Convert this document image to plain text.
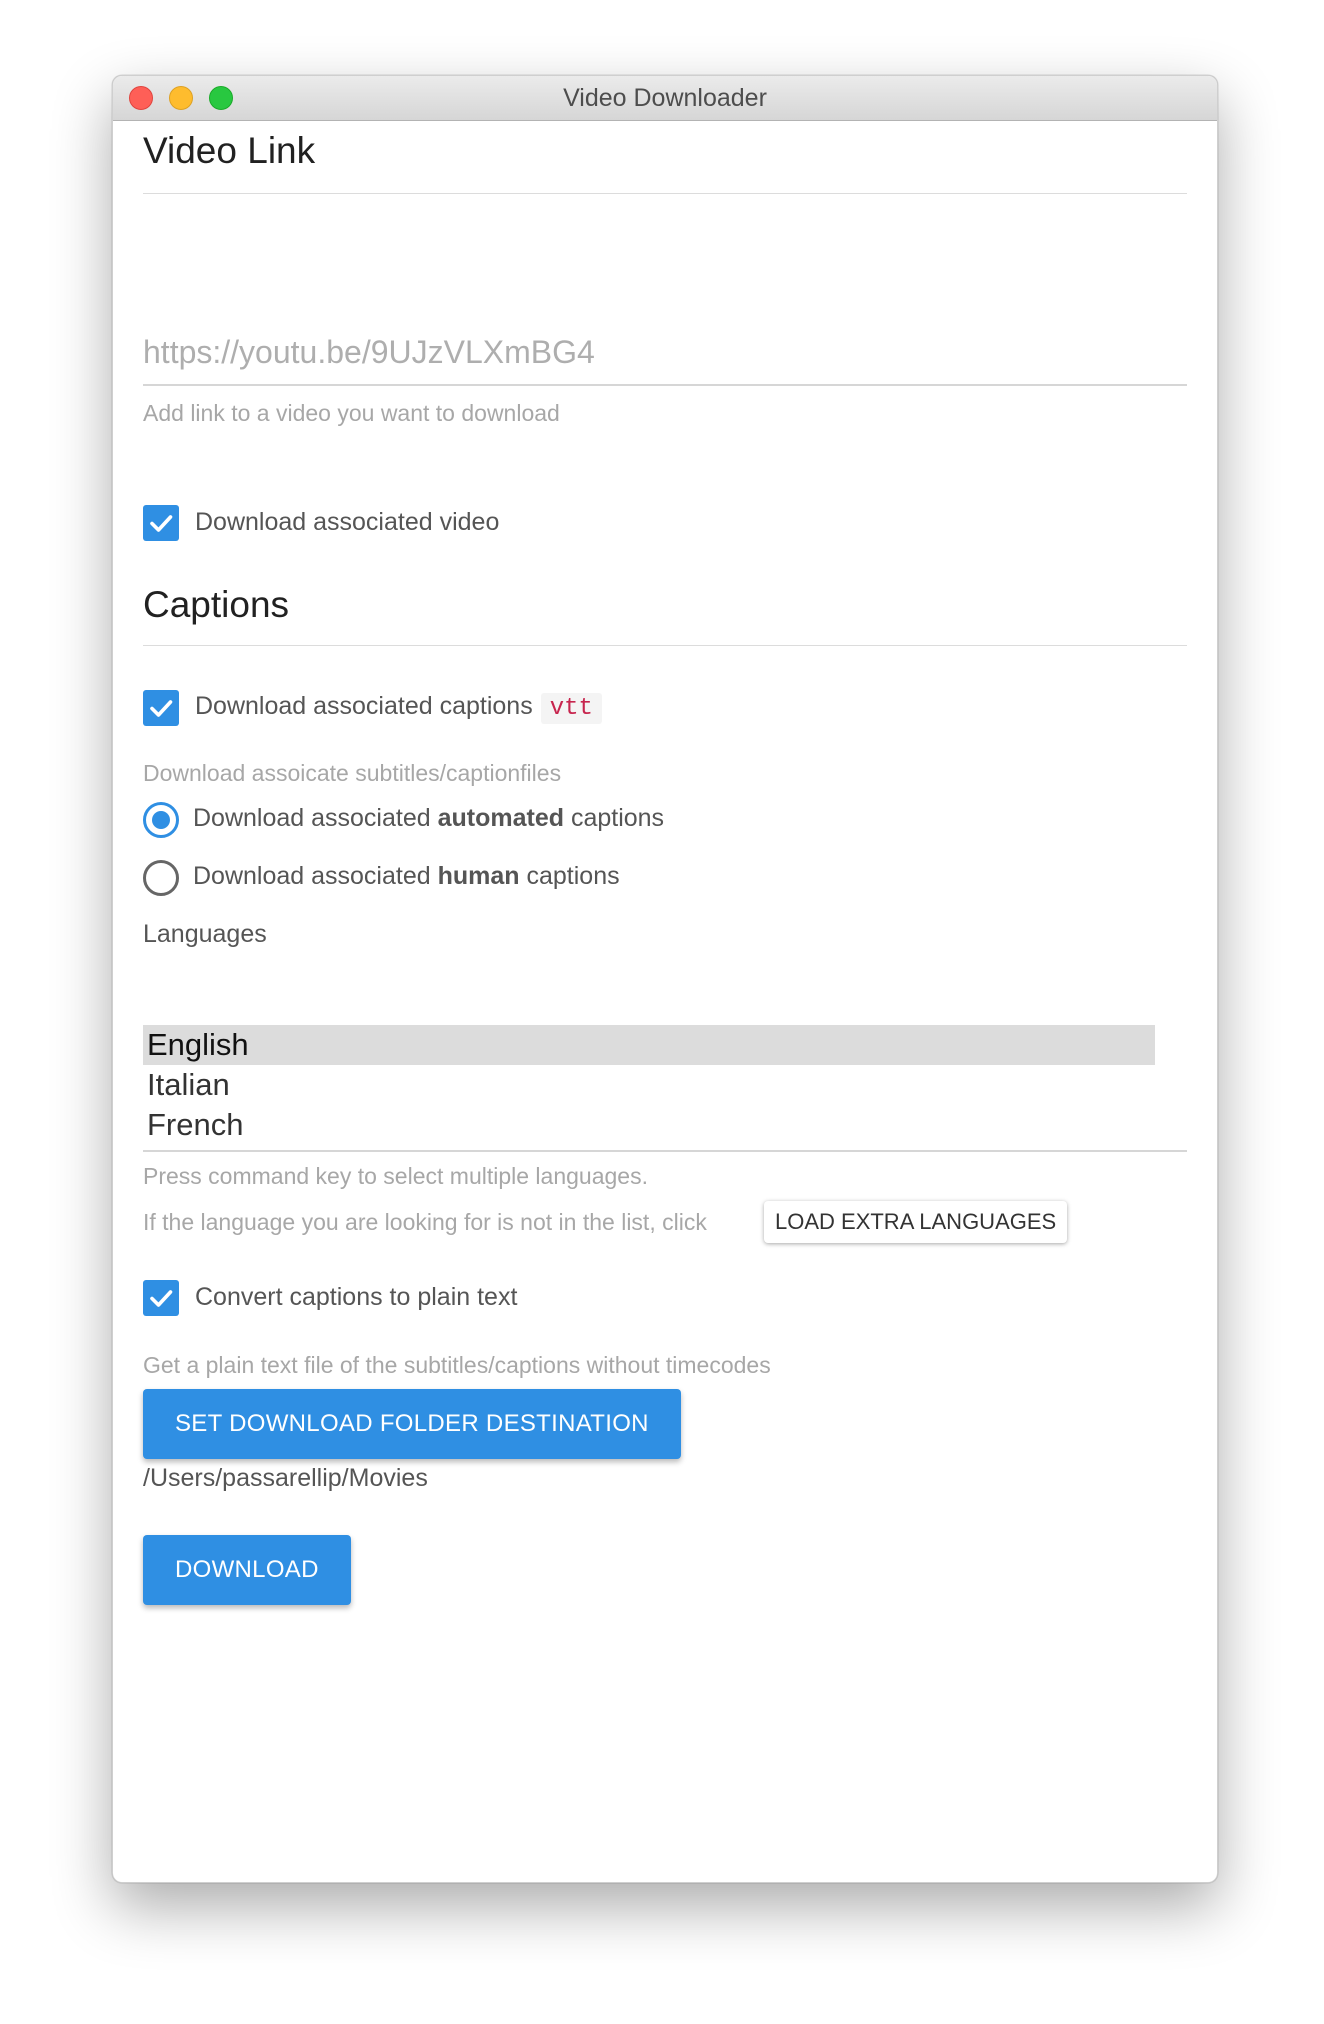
Video Downloader
Video Link
https://youtu.be/9UJzVLXmBG4
Add link to a video you want to download
Download associated video
Captions
Download associated captions vtt
Download assoicate subtitles/captionfiles
Download associated automated captions
Download associated human captions
Languages
English
Italian
French
Press command key to select multiple languages.
If the language you are looking for is not in the list, click	LOAD EXTRA LANGUAGES
Convert captions to plain text
Get a plain text file of the subtitles/captions without timecodes
SET DOWNLOAD FOLDER DESTINATION
/Users/passarellip/Movies
DOWNLOAD
